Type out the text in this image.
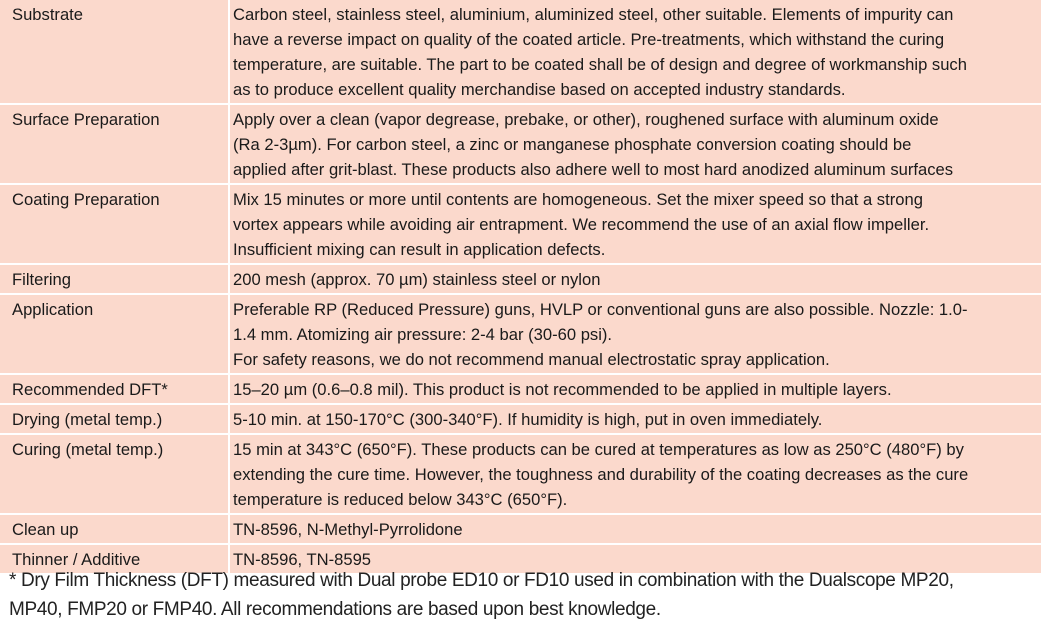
Substrate	Carbon steel, stainless steel, aluminium, aluminized steel, other suitable. Elements of impurity can
have a reverse impact on quality of the coated article. Pre-treatments, which withstand the curing
temperature, are suitable. The part to be coated shall be of design and degree of workmanship such
as to produce excellent quality merchandise based on accepted industry standards.

Surface Preparation	Apply over a clean (vapor degrease, prebake, or other), roughened surface with aluminum oxide
(Ra 2-3µm). For carbon steel, a zinc or manganese phosphate conversion coating should be
applied after grit-blast. These products also adhere well to most hard anodized aluminum surfaces

Coating Preparation	Mix 15 minutes or more until contents are homogeneous. Set the mixer speed so that a strong
vortex appears while avoiding air entrapment. We recommend the use of an axial flow impeller.
Insufficient mixing can result in application defects.

Filtering	200 mesh (approx. 70 µm) stainless steel or nylon

Application	Preferable RP (Reduced Pressure) guns, HVLP or conventional guns are also possible. Nozzle: 1.0-
1.4 mm. Atomizing air pressure: 2-4 bar (30-60 psi).
For safety reasons, we do not recommend manual electrostatic spray application.

Recommended DFT*	15–20 µm (0.6–0.8 mil). This product is not recommended to be applied in multiple layers.

Drying (metal temp.)	5-10 min. at 150-170°C (300-340°F). If humidity is high, put in oven immediately.

Curing (metal temp.)	15 min at 343°C (650°F). These products can be cured at temperatures as low as 250°C (480°F) by
extending the cure time. However, the toughness and durability of the coating decreases as the cure
temperature is reduced below 343°C (650°F).

Clean up	TN-8596, N-Methyl-Pyrrolidone

Thinner / Additive	TN-8596, TN-8595
* Dry Film Thickness (DFT) measured with Dual probe ED10 or FD10 used in combination with the Dualscope MP20,
MP40, FMP20 or FMP40. All recommendations are based upon best knowledge.
